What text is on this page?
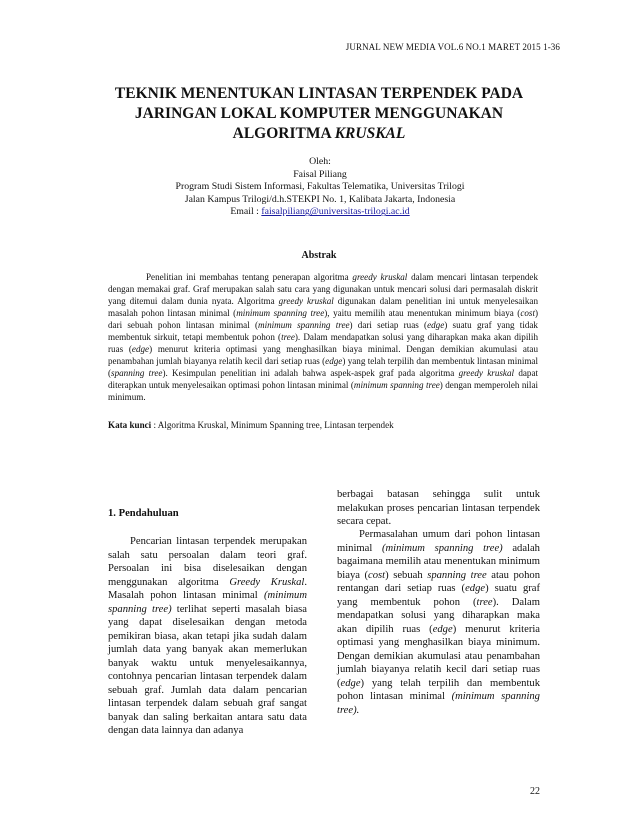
JURNAL NEW MEDIA VOL.6 NO.1 MARET 2015 1-36
TEKNIK MENENTUKAN LINTASAN TERPENDEK PADA
JARINGAN LOKAL KOMPUTER MENGGUNAKAN
ALGORITMA KRUSKAL
Oleh:
Faisal Piliang
Program Studi Sistem Informasi, Fakultas Telematika, Universitas Trilogi
Jalan Kampus Trilogi/d.h.STEKPI No. 1, Kalibata Jakarta, Indonesia
Email : faisalpiliang@universitas-trilogi.ac.id
Abstrak
Penelitian ini membahas tentang penerapan algoritma greedy kruskal dalam mencari lintasan terpendek dengan memakai graf. Graf merupakan salah satu cara yang digunakan untuk mencari solusi dari permasalah diskrit yang ditemui dalam dunia nyata. Algoritma greedy kruskal digunakan dalam penelitian ini untuk menyelesaikan masalah pohon lintasan minimal (minimum spanning tree), yaitu memilih atau menentukan minimum biaya (cost) dari sebuah pohon lintasan minimal (minimum spanning tree) dari setiap ruas (edge) suatu graf yang tidak membentuk sirkuit, tetapi membentuk pohon (tree). Dalam mendapatkan solusi yang diharapkan maka akan dipilih ruas (edge) menurut kriteria optimasi yang menghasilkan biaya minimal. Dengan demikian akumulasi atau penambahan jumlah biayanya relatih kecil dari setiap ruas (edge) yang telah terpilih dan membentuk lintasan minimal (spanning tree). Kesimpulan penelitian ini adalah bahwa aspek-aspek graf pada algoritma greedy kruskal dapat diterapkan untuk menyelesaikan optimasi pohon lintasan minimal (minimum spanning tree) dengan memperoleh nilai minimum.
Kata kunci : Algoritma Kruskal, Minimum Spanning tree, Lintasan terpendek
1. Pendahuluan
Pencarian lintasan terpendek merupakan salah satu persoalan dalam teori graf. Persoalan ini bisa diselesaikan dengan menggunakan algoritma Greedy Kruskal. Masalah pohon lintasan minimal (minimum spanning tree) terlihat seperti masalah biasa yang dapat diselesaikan dengan metoda pemikiran biasa, akan tetapi jika sudah dalam jumlah data yang banyak akan memerlukan banyak waktu untuk menyelesaikannya, contohnya pencarian lintasan terpendek dalam sebuah graf. Jumlah data dalam pencarian lintasan terpendek dalam sebuah graf sangat banyak dan saling berkaitan antara satu data dengan data lainnya dan adanya
berbagai batasan sehingga sulit untuk melakukan proses pencarian lintasan terpendek secara cepat.
Permasalahan umum dari pohon lintasan minimal (minimum spanning tree) adalah bagaimana memilih atau menentukan minimum biaya (cost) sebuah spanning tree atau pohon rentangan dari setiap ruas (edge) suatu graf yang membentuk pohon (tree). Dalam mendapatkan solusi yang diharapkan maka akan dipilih ruas (edge) menurut kriteria optimasi yang menghasilkan biaya minimum. Dengan demikian akumulasi atau penambahan jumlah biayanya relatih kecil dari setiap ruas (edge) yang telah terpilih dan membentuk pohon lintasan minimal (minimum spanning tree).
22
